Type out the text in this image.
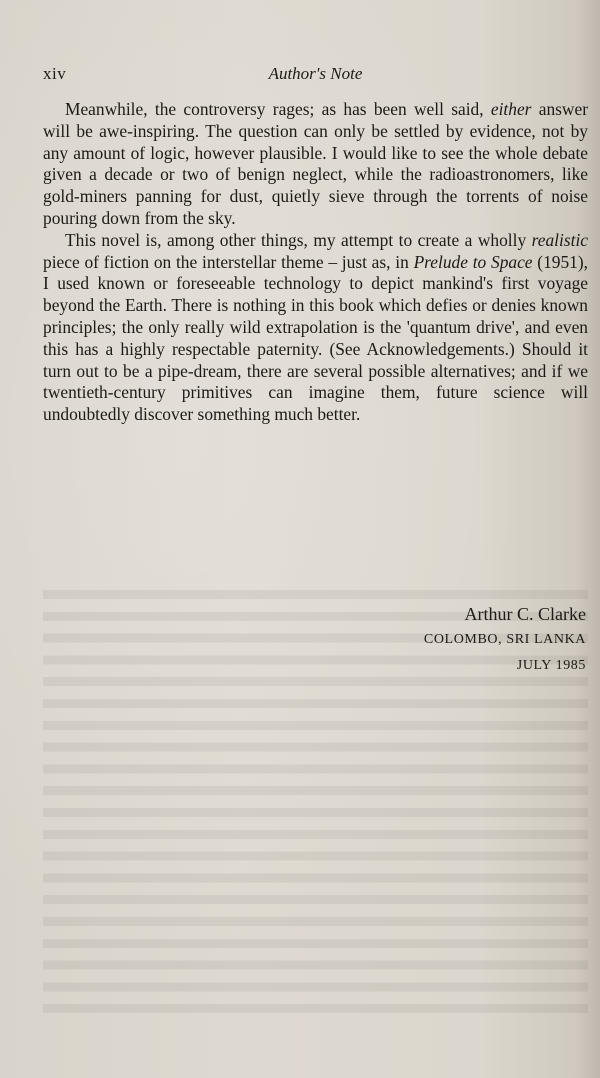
xiv	Author's Note

Meanwhile, the controversy rages; as has been well said, either answer will be awe-inspiring. The question can only be settled by evidence, not by any amount of logic, however plausible. I would like to see the whole debate given a decade or two of benign neglect, while the radioastronomers, like gold-miners panning for dust, quietly sieve through the torrents of noise pouring down from the sky.

This novel is, among other things, my attempt to create a wholly realistic piece of fiction on the interstellar theme – just as, in Prelude to Space (1951), I used known or foreseeable technology to depict mankind's first voyage beyond the Earth. There is nothing in this book which defies or denies known principles; the only really wild extrapolation is the 'quantum drive', and even this has a highly respectable paternity. (See Acknowledgements.) Should it turn out to be a pipe-dream, there are several possible alternatives; and if we twentieth-century primitives can imagine them, future science will undoubtedly discover something much better.

Arthur C. Clarke
COLOMBO, SRI LANKA
JULY 1985
